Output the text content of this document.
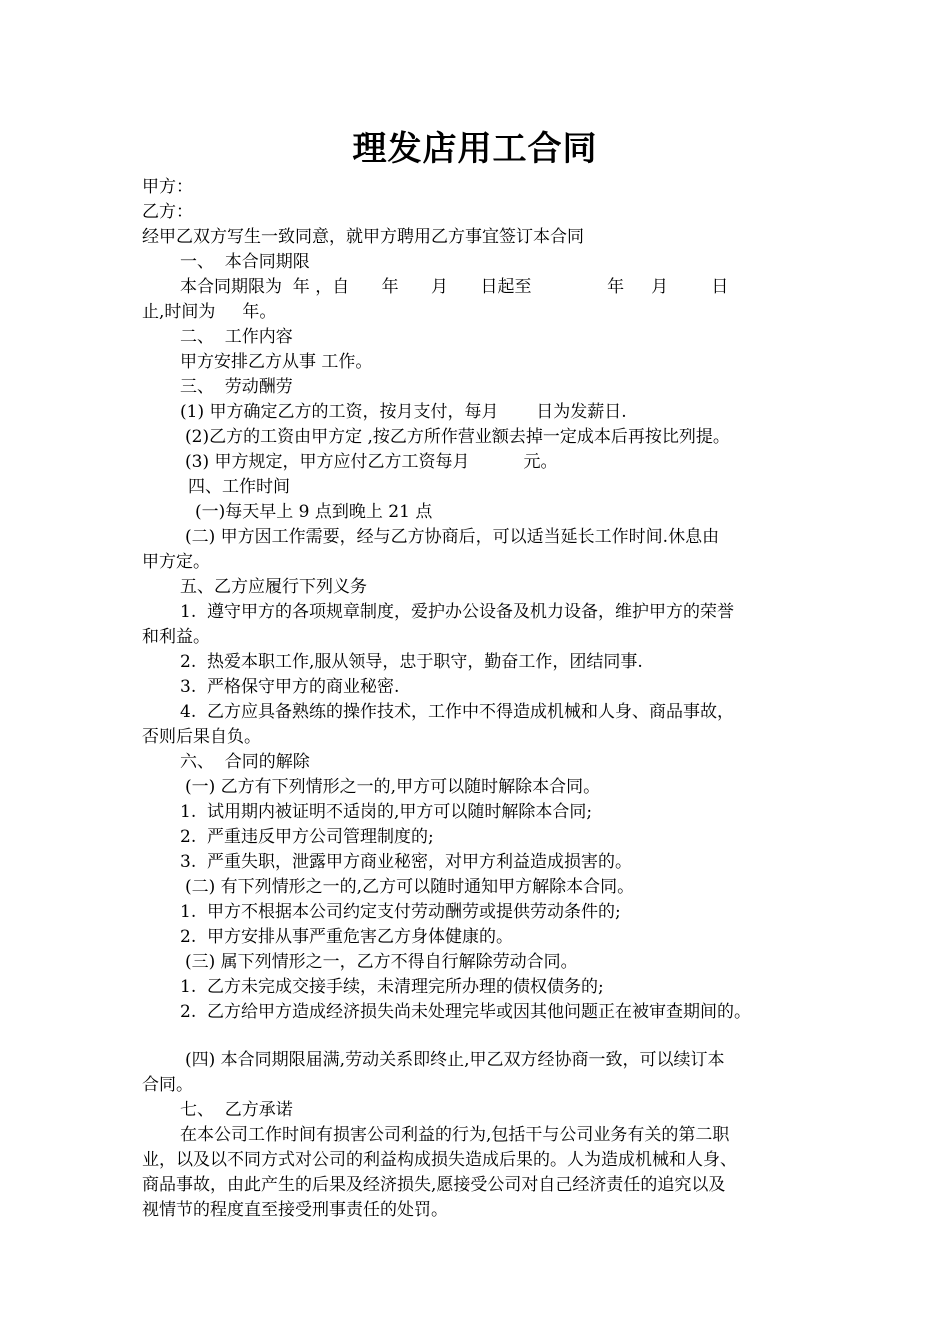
理发店用工合同
甲方：
乙方：
经甲乙双方写生一致同意，就甲方聘用乙方事宜签订本合同
一、  本合同期限
本合同期限为  年 ，自      年      月      日起至              年     月        日
止,时间为     年。
二、  工作内容
甲方安排乙方从事 工作。
三、  劳动酬劳
(1) 甲方确定乙方的工资，按月支付，每月       日为发薪日.
(2)乙方的工资由甲方定 ,按乙方所作营业额去掉一定成本后再按比列提。
(3) 甲方规定，甲方应付乙方工资每月          元。
四、工作时间
(一)每天早上 9 点到晚上 21 点
(二) 甲方因工作需要，经与乙方协商后，可以适当延长工作时间.休息由
甲方定。
五、乙方应履行下列义务
1.  遵守甲方的各项规章制度，爱护办公设备及机力设备，维护甲方的荣誉
和利益。
2.  热爱本职工作,服从领导，忠于职守，勤奋工作，团结同事.
3.  严格保守甲方的商业秘密.
4.  乙方应具备熟练的操作技术，工作中不得造成机械和人身、商品事故，
否则后果自负。
六、  合同的解除
(一) 乙方有下列情形之一的,甲方可以随时解除本合同。
1.  试用期内被证明不适岗的,甲方可以随时解除本合同;
2.  严重违反甲方公司管理制度的;
3.  严重失职，泄露甲方商业秘密，对甲方利益造成损害的。
(二) 有下列情形之一的,乙方可以随时通知甲方解除本合同。
1.  甲方不根据本公司约定支付劳动酬劳或提供劳动条件的;
2.  甲方安排从事严重危害乙方身体健康的。
(三) 属下列情形之一，乙方不得自行解除劳动合同。
1.  乙方未完成交接手续，未清理完所办理的债权债务的;
2.  乙方给甲方造成经济损失尚未处理完毕或因其他问题正在被审查期间的。
(四) 本合同期限届满,劳动关系即终止,甲乙双方经协商一致，可以续订本
合同。
七、  乙方承诺
在本公司工作时间有损害公司利益的行为,包括干与公司业务有关的第二职
业，以及以不同方式对公司的利益构成损失造成后果的。人为造成机械和人身、
商品事故，由此产生的后果及经济损失,愿接受公司对自己经济责任的追究以及
视情节的程度直至接受刑事责任的处罚。
